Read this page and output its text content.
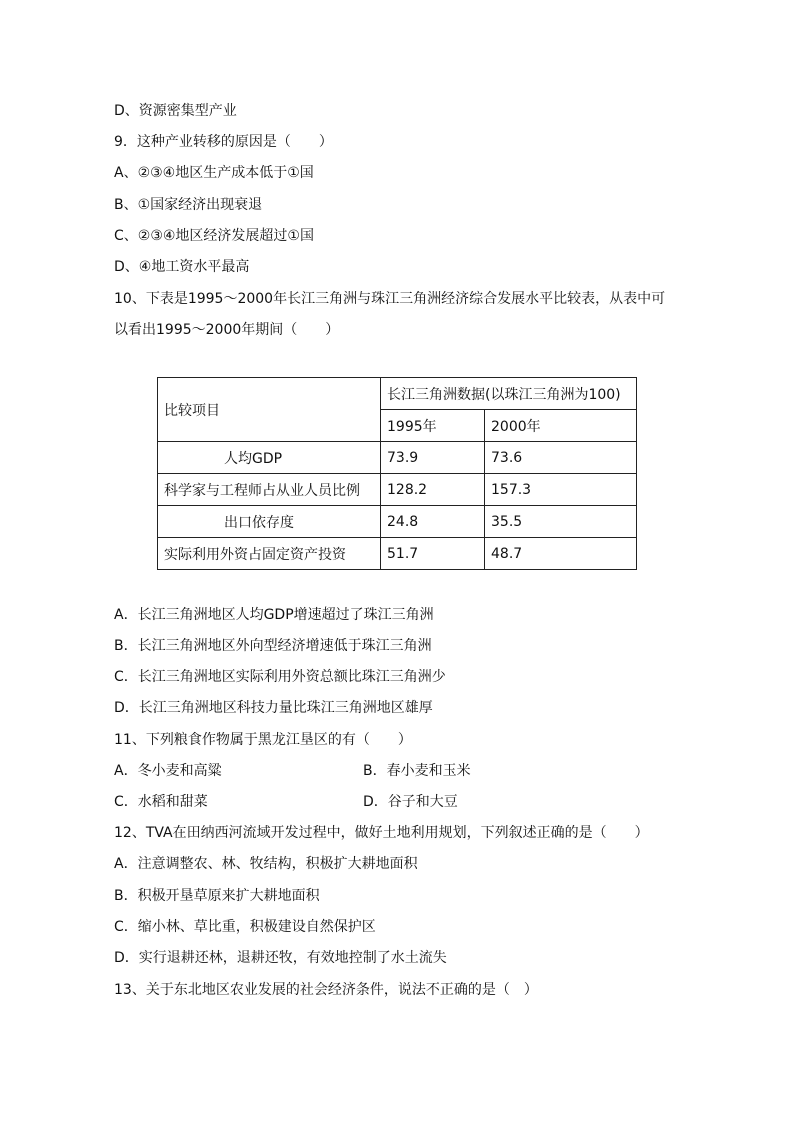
D、资源密集型产业
9．这种产业转移的原因是（　　）
A、②③④地区生产成本低于①国
B、①国家经济出现衰退
C、②③④地区经济发展超过①国
D、④地工资水平最高
10、下表是1995～2000年长江三角洲与珠江三角洲经济综合发展水平比较表，从表中可
以看出1995～2000年期间（　　）
比较项目	长江三角洲数据(以珠江三角洲为100)	
	1995年	2000年
人均GDP	73.9	73.6
科学家与工程师占从业人员比例	128.2	157.3
出口依存度	24.8	35.5
实际利用外资占固定资产投资	51.7	48.7
A．长江三角洲地区人均GDP增速超过了珠江三角洲
B．长江三角洲地区外向型经济增速低于珠江三角洲
C．长江三角洲地区实际利用外资总额比珠江三角洲少
D．长江三角洲地区科技力量比珠江三角洲地区雄厚
11、下列粮食作物属于黑龙江垦区的有（　　）
A．冬小麦和高粱	B．春小麦和玉米
C．水稻和甜菜	D．谷子和大豆
12、TVA在田纳西河流域开发过程中，做好土地利用规划，下列叙述正确的是（　　）
A．注意调整农、林、牧结构，积极扩大耕地面积
B．积极开垦草原来扩大耕地面积
C．缩小林、草比重，积极建设自然保护区
D．实行退耕还林，退耕还牧，有效地控制了水土流失
13、关于东北地区农业发展的社会经济条件，说法不正确的是（　）
